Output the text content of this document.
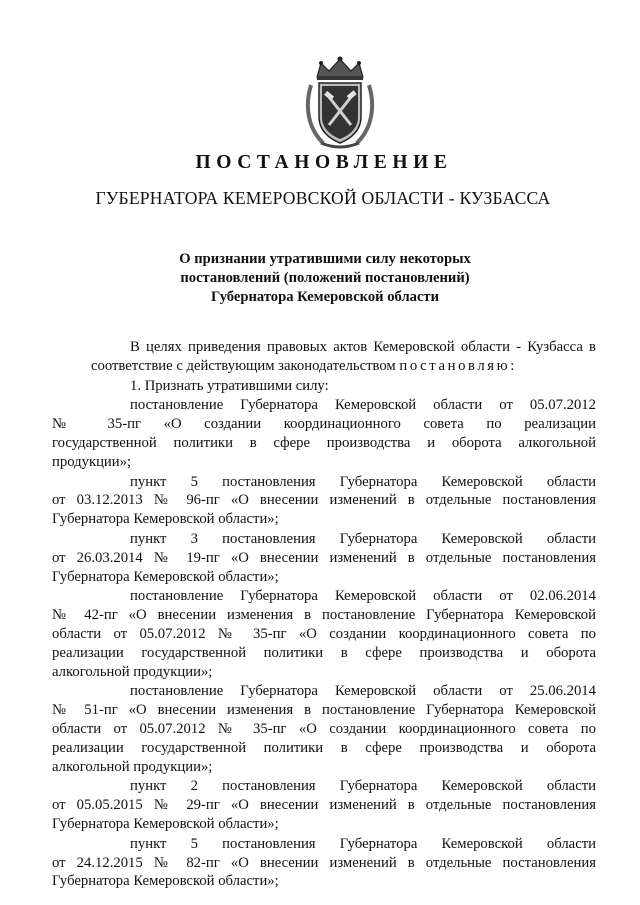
ПОСТАНОВЛЕНИЕ
ГУБЕРНАТОРА КЕМЕРОВСКОЙ ОБЛАСТИ - КУЗБАССА
О признании утратившими силу некоторых
постановлений (положений постановлений)
Губернатора Кемеровской области
В целях приведения правовых актов Кемеровской области - Кузбасса в
соответствие с действующим законодательством постановляю:
1. Признать утратившими силу:
постановление Губернатора Кемеровской области от 05.07.2012
№ 35-пг «О создании координационного совета по реализации
государственной политики в сфере производства и оборота алкогольной
продукции»;
пункт 5 постановления Губернатора Кемеровской области
от 03.12.2013 № 96-пг «О внесении изменений в отдельные постановления
Губернатора Кемеровской области»;
пункт 3 постановления Губернатора Кемеровской области
от 26.03.2014 № 19-пг «О внесении изменений в отдельные постановления
Губернатора Кемеровской области»;
постановление Губернатора Кемеровской области от 02.06.2014
№ 42-пг «О внесении изменения в постановление Губернатора Кемеровской
области от 05.07.2012 № 35-пг «О создании координационного совета по
реализации государственной политики в сфере производства и оборота
алкогольной продукции»;
постановление Губернатора Кемеровской области от 25.06.2014
№ 51-пг «О внесении изменения в постановление Губернатора Кемеровской
области от 05.07.2012 № 35-пг «О создании координационного совета по
реализации государственной политики в сфере производства и оборота
алкогольной продукции»;
пункт 2 постановления Губернатора Кемеровской области
от 05.05.2015 № 29-пг «О внесении изменений в отдельные постановления
Губернатора Кемеровской области»;
пункт 5 постановления Губернатора Кемеровской области
от 24.12.2015 № 82-пг «О внесении изменений в отдельные постановления
Губернатора Кемеровской области»;
